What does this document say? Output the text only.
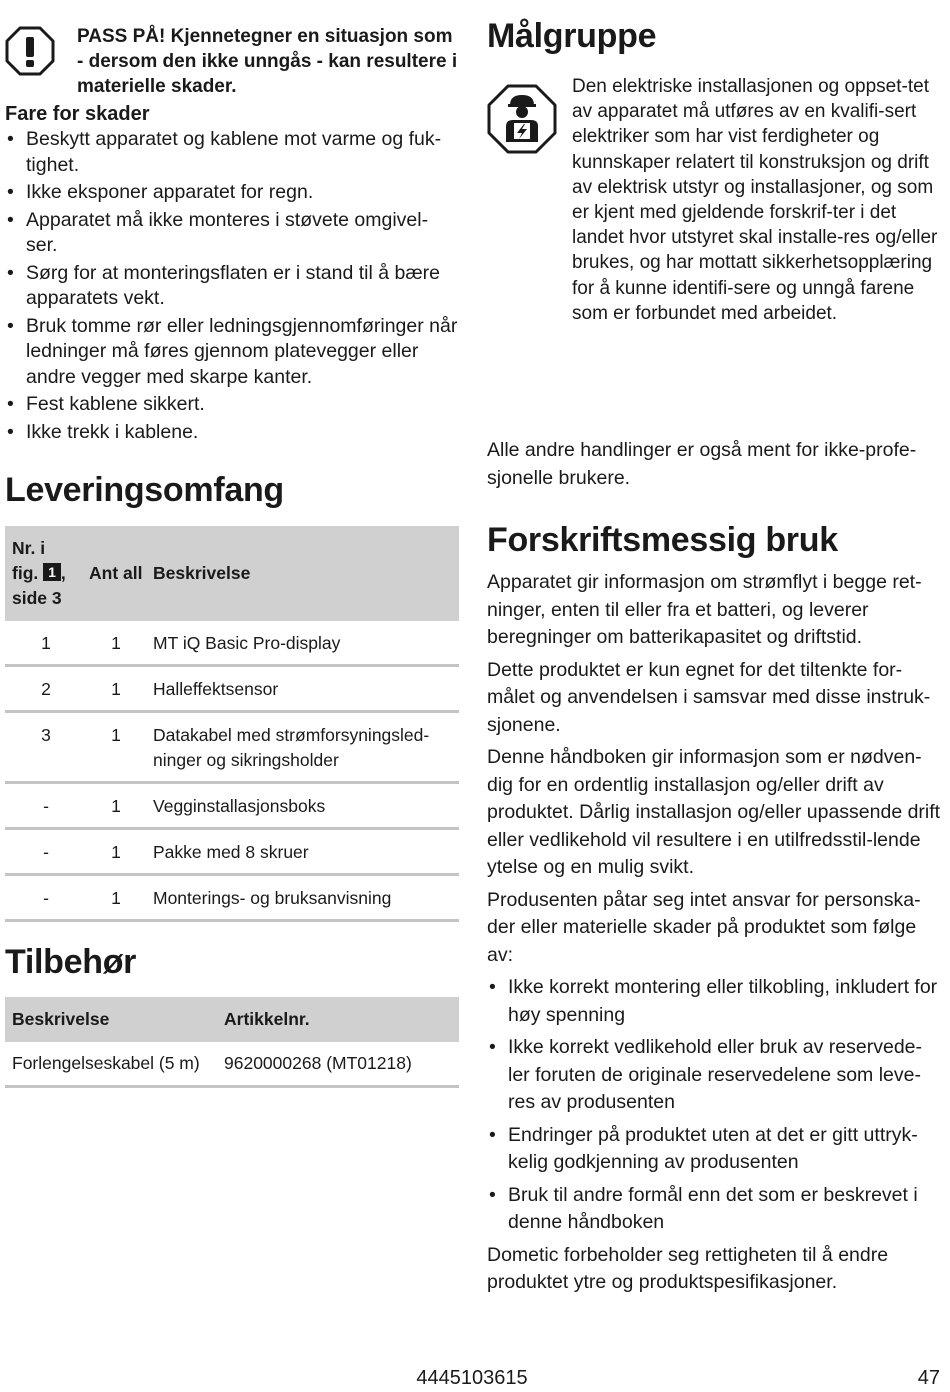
PASS PÅ! Kjennetegner en situasjon som - dersom den ikke unngås - kan resultere i materielle skader.
Fare for skader
• Beskytt apparatet og kablene mot varme og fuk-tighet.
• Ikke eksponer apparatet for regn.
• Apparatet må ikke monteres i støvete omgivel-ser.
• Sørg for at monteringsflaten er i stand til å bære apparatets vekt.
• Bruk tomme rør eller ledningsgjennomføringer når ledninger må føres gjennom platevegger eller andre vegger med skarpe kanter.
• Fest kablene sikkert.
• Ikke trekk i kablene.
Leveringsomfang
Nr. i
fig. 1 ,
side 3	Ant all	Beskrivelse
1	1	MT iQ Basic Pro-display
2	1	Halleffektsensor
3	1	Datakabel med strømforsyningsled-ninger og sikringsholder
-	1	Vegginstallasjonsboks
-	1	Pakke med 8 skruer
-	1	Monterings- og bruksanvisning
Tilbehør
Beskrivelse	Artikkelnr.
Forlengelseskabel (5 m)	9620000268 (MT01218)
Målgruppe
Den elektriske installasjonen og oppset-tet av apparatet må utføres av en kvalifi-sert elektriker som har vist ferdigheter og kunnskaper relatert til konstruksjon og drift av elektrisk utstyr og installasjoner, og som er kjent med gjeldende forskrif-ter i det landet hvor utstyret skal installe-res og/eller brukes, og har mottatt sikkerhetsopplæring for å kunne identifi-sere og unngå farene som er forbundet med arbeidet.

Alle andre handlinger er også ment for ikke-profe-sjonelle brukere.

Forskriftsmessig bruk

Apparatet gir informasjon om strømflyt i begge ret-ninger, enten til eller fra et batteri, og leverer beregninger om batterikapasitet og driftstid.

Dette produktet er kun egnet for det tiltenkte for-målet og anvendelsen i samsvar med disse instruk-sjonene.

Denne håndboken gir informasjon som er nødven-dig for en ordentlig installasjon og/eller drift av produktet. Dårlig installasjon og/eller upassende drift eller vedlikehold vil resultere i en utilfredsstil-lende ytelse og en mulig svikt.

Produsenten påtar seg intet ansvar for personska-der eller materielle skader på produktet som følge av:

• Ikke korrekt montering eller tilkobling, inkludert for høy spenning
• Ikke korrekt vedlikehold eller bruk av reservede-ler foruten de originale reservedelene som leve-res av produsenten
• Endringer på produktet uten at det er gitt uttryk-kelig godkjenning av produsenten
• Bruk til andre formål enn det som er beskrevet i denne håndboken

Dometic forbeholder seg rettigheten til å endre produktet ytre og produktspesifikasjoner.

4445103615	47
